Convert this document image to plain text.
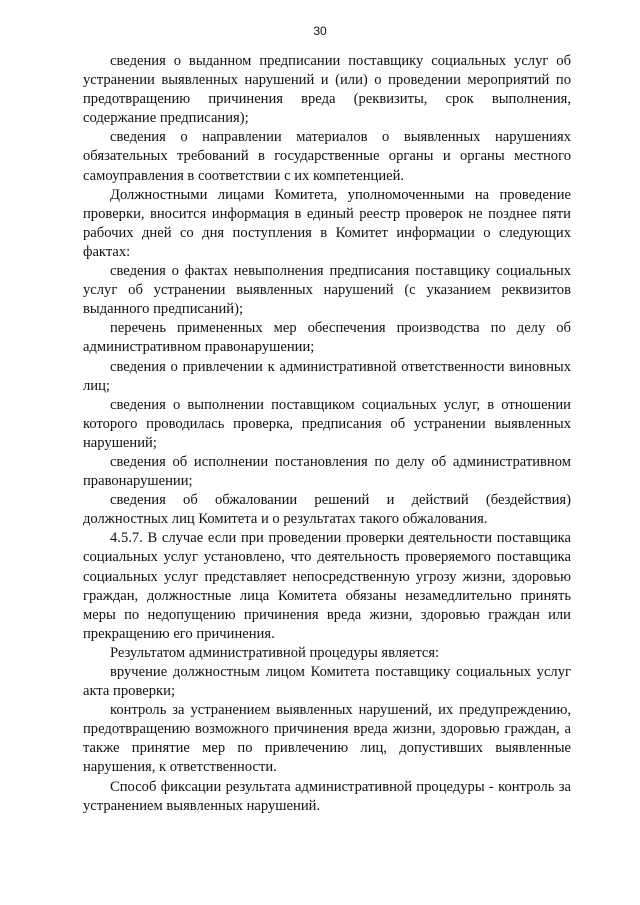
30

сведения о выданном предписании поставщику социальных услуг об устранении выявленных нарушений и (или) о проведении мероприятий по предотвращению причинения вреда (реквизиты, срок выполнения, содержание предписания);

сведения о направлении материалов о выявленных нарушениях обязательных требований в государственные органы и органы местного самоуправления в соответствии с их компетенцией.

Должностными лицами Комитета, уполномоченными на проведение проверки, вносится информация в единый реестр проверок не позднее пяти рабочих дней со дня поступления в Комитет информации о следующих фактах:

сведения о фактах невыполнения предписания поставщику социальных услуг об устранении выявленных нарушений (с указанием реквизитов выданного предписаний);

перечень примененных мер обеспечения производства по делу об административном правонарушении;

сведения о привлечении к административной ответственности виновных лиц;

сведения о выполнении поставщиком социальных услуг, в отношении которого проводилась проверка, предписания об устранении выявленных нарушений;

сведения об исполнении постановления по делу об административном правонарушении;

сведения об обжаловании решений и действий (бездействия) должностных лиц Комитета и о результатах такого обжалования.

4.5.7. В случае если при проведении проверки деятельности поставщика социальных услуг установлено, что деятельность проверяемого поставщика социальных услуг представляет непосредственную угрозу жизни, здоровью граждан, должностные лица Комитета обязаны незамедлительно принять меры по недопущению причинения вреда жизни, здоровью граждан или прекращению его причинения.

Результатом административной процедуры является:

вручение должностным лицом Комитета поставщику социальных услуг акта проверки;

контроль за устранением выявленных нарушений, их предупреждению, предотвращению возможного причинения вреда жизни, здоровью граждан, а также принятие мер по привлечению лиц, допустивших выявленные нарушения, к ответственности.

Способ фиксации результата административной процедуры - контроль за устранением выявленных нарушений.
